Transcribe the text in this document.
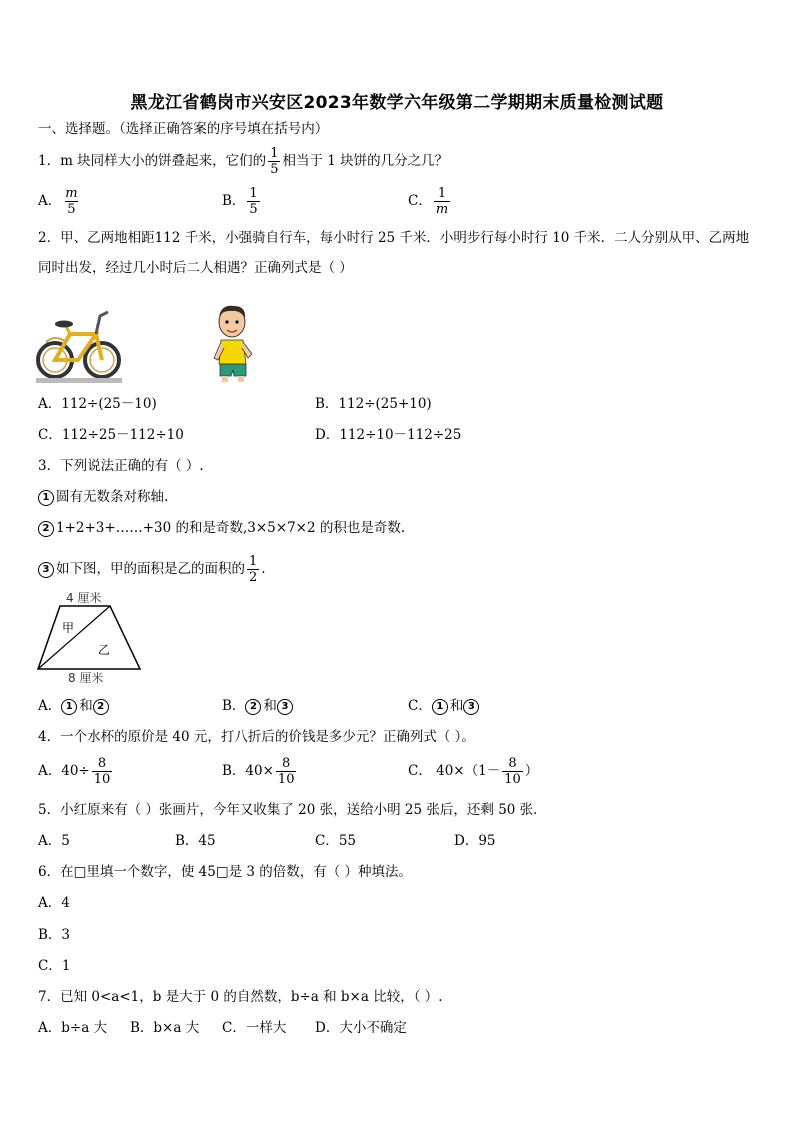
黑龙江省鹤岗市兴安区2023年数学六年级第二学期期末质量检测试题
一、选择题。（选择正确答案的序号填在括号内）
1．m 块同样大小的饼叠起来，它们的 $\frac{1}{5}$ 相当于 1 块饼的几分之几？
A． $\frac{m}{5}$	B． $\frac{1}{5}$	C． $\frac{1}{m}$
2．甲、乙两地相距112 千米，小强骑自行车，每小时行 25 千米．小明步行每小时行 10 千米．二人分别从甲、乙两地
同时出发，经过几小时后二人相遇？正确列式是（ ）
A．112÷(25－10)	B．112÷(25+10)
C．112÷25－112÷10	D．112÷10－112÷25
3．下列说法正确的有（ ）.
1 圆有无数条对称轴.
2 1+2+3+……+30 的和是奇数,3×5×7×2 的积也是奇数.
3 如下图，甲的面积是乙的面积的 $\frac{1}{2}$ .
4 厘米
甲
乙
8 厘米
A． 1 和 2	B． 2 和 3	C． 1 和 3
4．一个水杯的原价是 40 元，打八折后的价钱是多少元？正确列式（ ）。
A．$40\div \frac{8}{10}$	B．$40\times \frac{8}{10}$	C． $40\times(1- \frac{8}{10}$ ）
5．小红原来有（ ）张画片，今年又收集了 20 张，送给小明 25 张后，还剩 50 张．
A．5	B．45	C．55	D．95
6．在□里填一个数字，使 45□是 3 的倍数，有（ ）种填法。
A．4
B．3
C．1
7．已知 0<a<1，b 是大于 0 的自然数，b÷a 和 b×a 比较，（ ）.
A．b÷a 大 B．b×a 大 C．一样大 D．大小不确定
